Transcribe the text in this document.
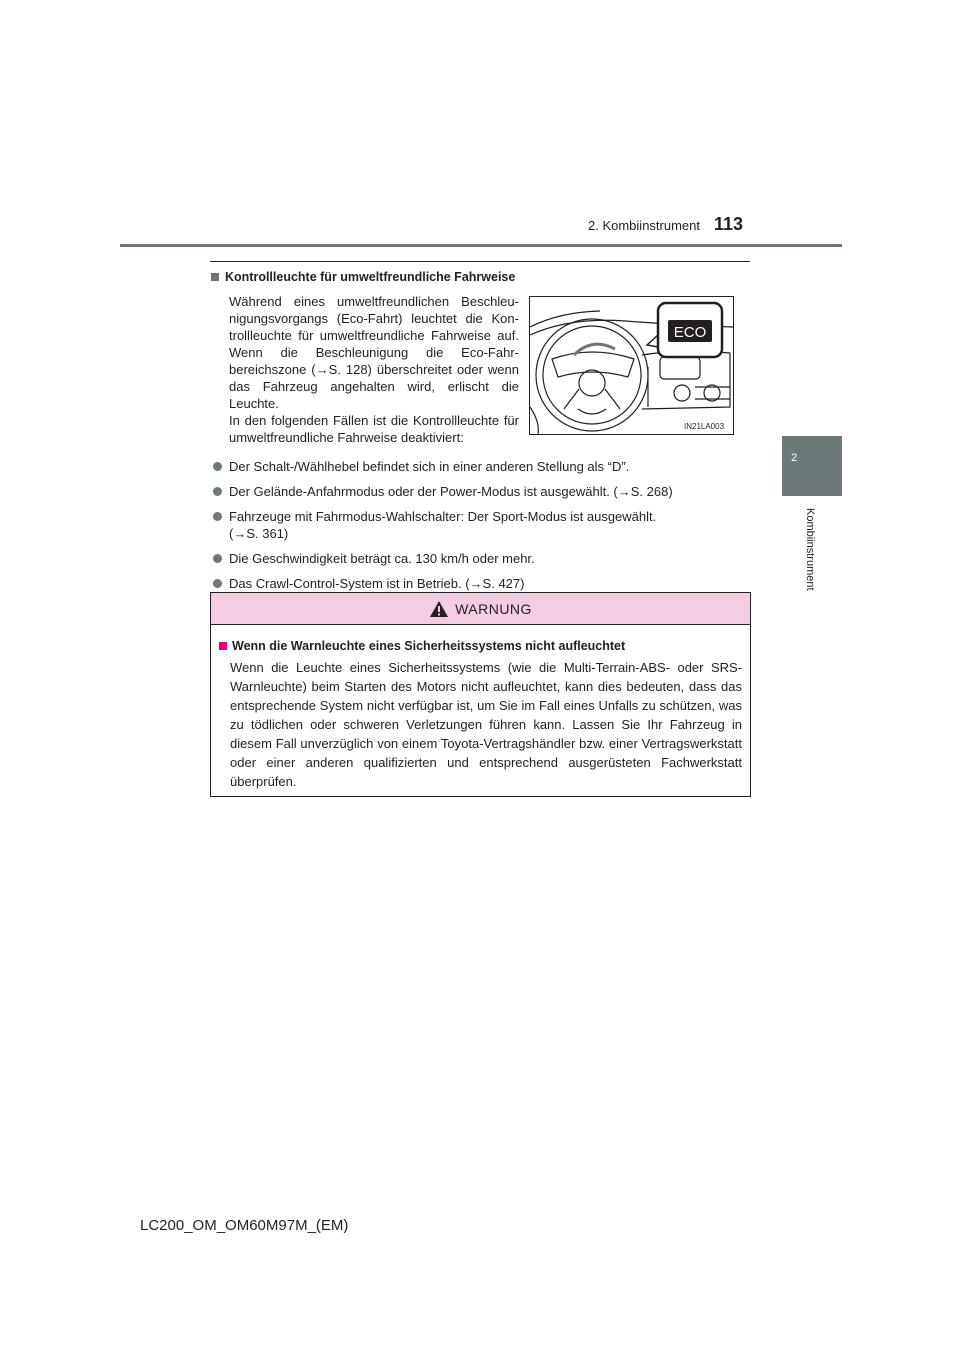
2. Kombiinstrument 113
2
Kombiinstrument
Kontrollleuchte für umweltfreundliche Fahrweise
Während eines umweltfreundlichen Beschleunigungsvorgangs (Eco-Fahrt) leuchtet die Kontrollleuchte für umweltfreundliche Fahrweise auf. Wenn die Beschleunigung die Eco-Fahrbereichszone (→S. 128) überschreitet oder wenn das Fahrzeug angehalten wird, erlischt die Leuchte.
In den folgenden Fällen ist die Kontrollleuchte für umweltfreundliche Fahrweise deaktiviert:
ECO
IN21LA003
Der Schalt-/Wählhebel befindet sich in einer anderen Stellung als “D”.
Der Gelände-Anfahrmodus oder der Power-Modus ist ausgewählt. (→S. 268)
Fahrzeuge mit Fahrmodus-Wahlschalter: Der Sport-Modus ist ausgewählt.
(→S. 361)
Die Geschwindigkeit beträgt ca. 130 km/h oder mehr.
Das Crawl-Control-System ist in Betrieb. (→S. 427)
WARNUNG
Wenn die Warnleuchte eines Sicherheitssystems nicht aufleuchtet
Wenn die Leuchte eines Sicherheitssystems (wie die Multi-Terrain-ABS- oder SRS-Warnleuchte) beim Starten des Motors nicht aufleuchtet, kann dies bedeuten, dass das entsprechende System nicht verfügbar ist, um Sie im Fall eines Unfalls zu schützen, was zu tödlichen oder schweren Verletzungen führen kann. Lassen Sie Ihr Fahrzeug in diesem Fall unverzüglich von einem Toyota-Vertragshändler bzw. einer Vertragswerkstatt oder einer anderen qualifizierten und entsprechend ausgerüsteten Fachwerkstatt überprüfen.
LC200_OM_OM60M97M_(EM)
